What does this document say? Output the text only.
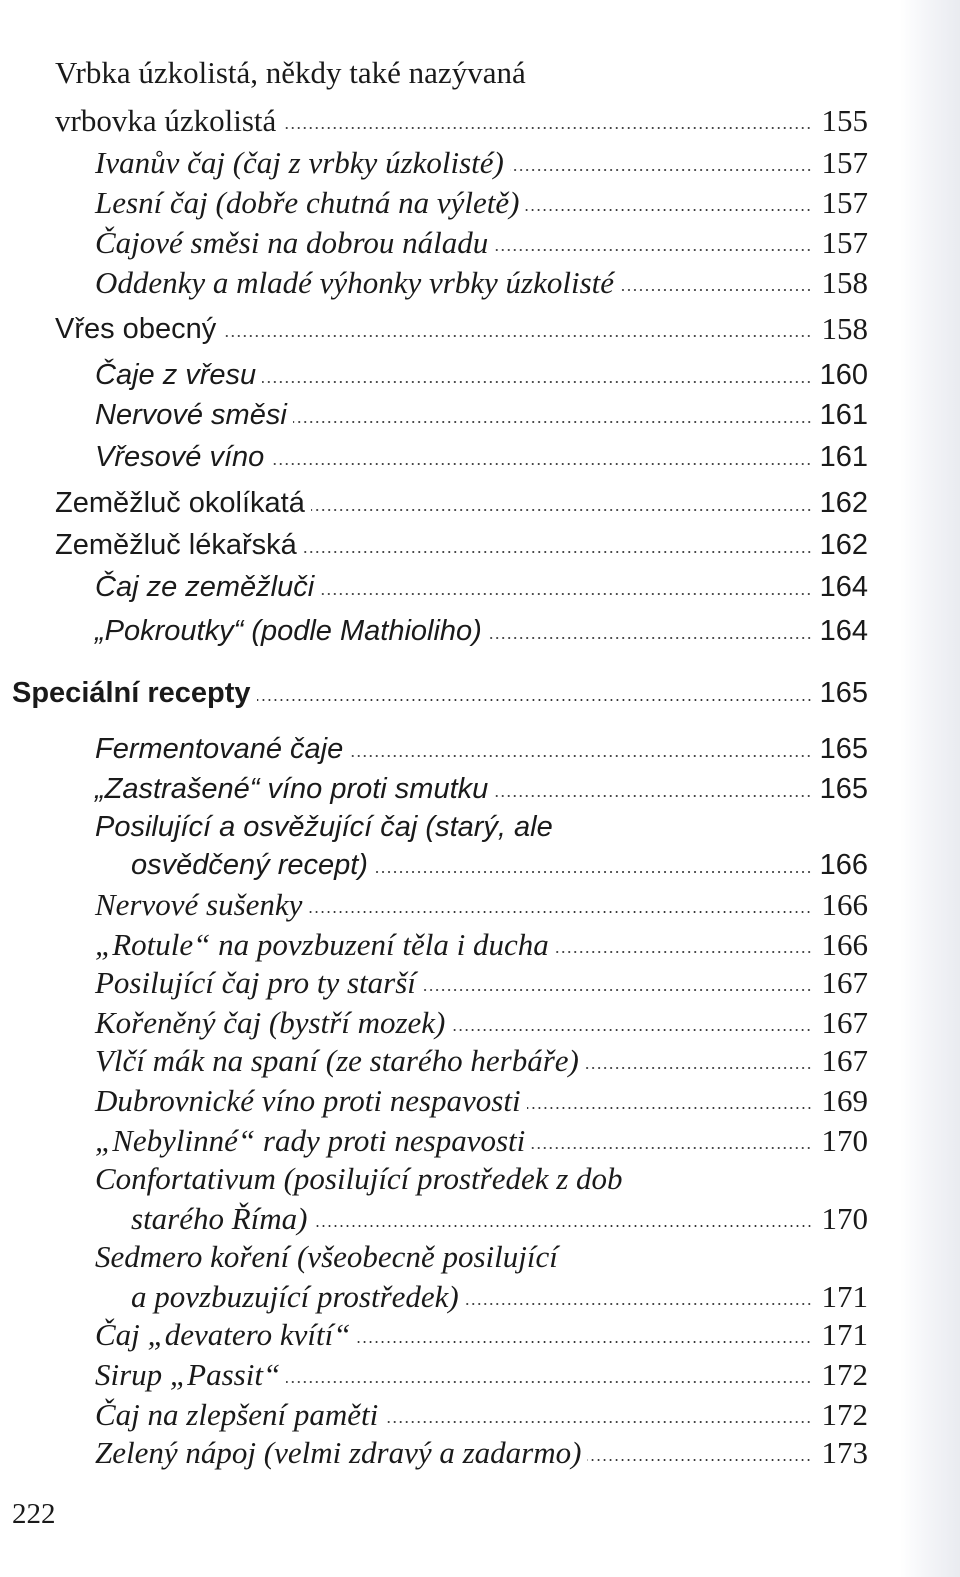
Vrbka úzkolistá, někdy také nazývaná
vrbovka úzkolistá	155
Ivanův čaj (čaj z vrbky úzkolisté)	157
Lesní čaj (dobře chutná na výletě)	157
Čajové směsi na dobrou náladu	157
Oddenky a mladé výhonky vrbky úzkolisté	158
Vřes obecný	158
Čaje z vřesu	160
Nervové směsi	161
Vřesové víno	161
Zeměžluč okolíkatá	162
Zeměžluč lékařská	162
Čaj ze zeměžluči	164
„Pokroutky“ (podle Mathioliho)	164
Speciální recepty	165
Fermentované čaje	165
„Zastrašené“ víno proti smutku	165
Posilující a osvěžující čaj (starý, ale
osvědčený recept)	166
Nervové sušenky	166
„Rotule“ na povzbuzení těla i ducha	166
Posilující čaj pro ty starší	167
Kořeněný čaj (bystří mozek)	167
Vlčí mák na spaní (ze starého herbáře)	167
Dubrovnické víno proti nespavosti	169
„Nebylinné“ rady proti nespavosti	170
Confortativum (posilující prostředek z dob
starého Říma)	170
Sedmero koření (všeobecně posilující
a povzbuzující prostředek)	171
Čaj „devatero kvítí“	171
Sirup „Passit“	172
Čaj na zlepšení paměti	172
Zelený nápoj (velmi zdravý a zadarmo)	173
222
